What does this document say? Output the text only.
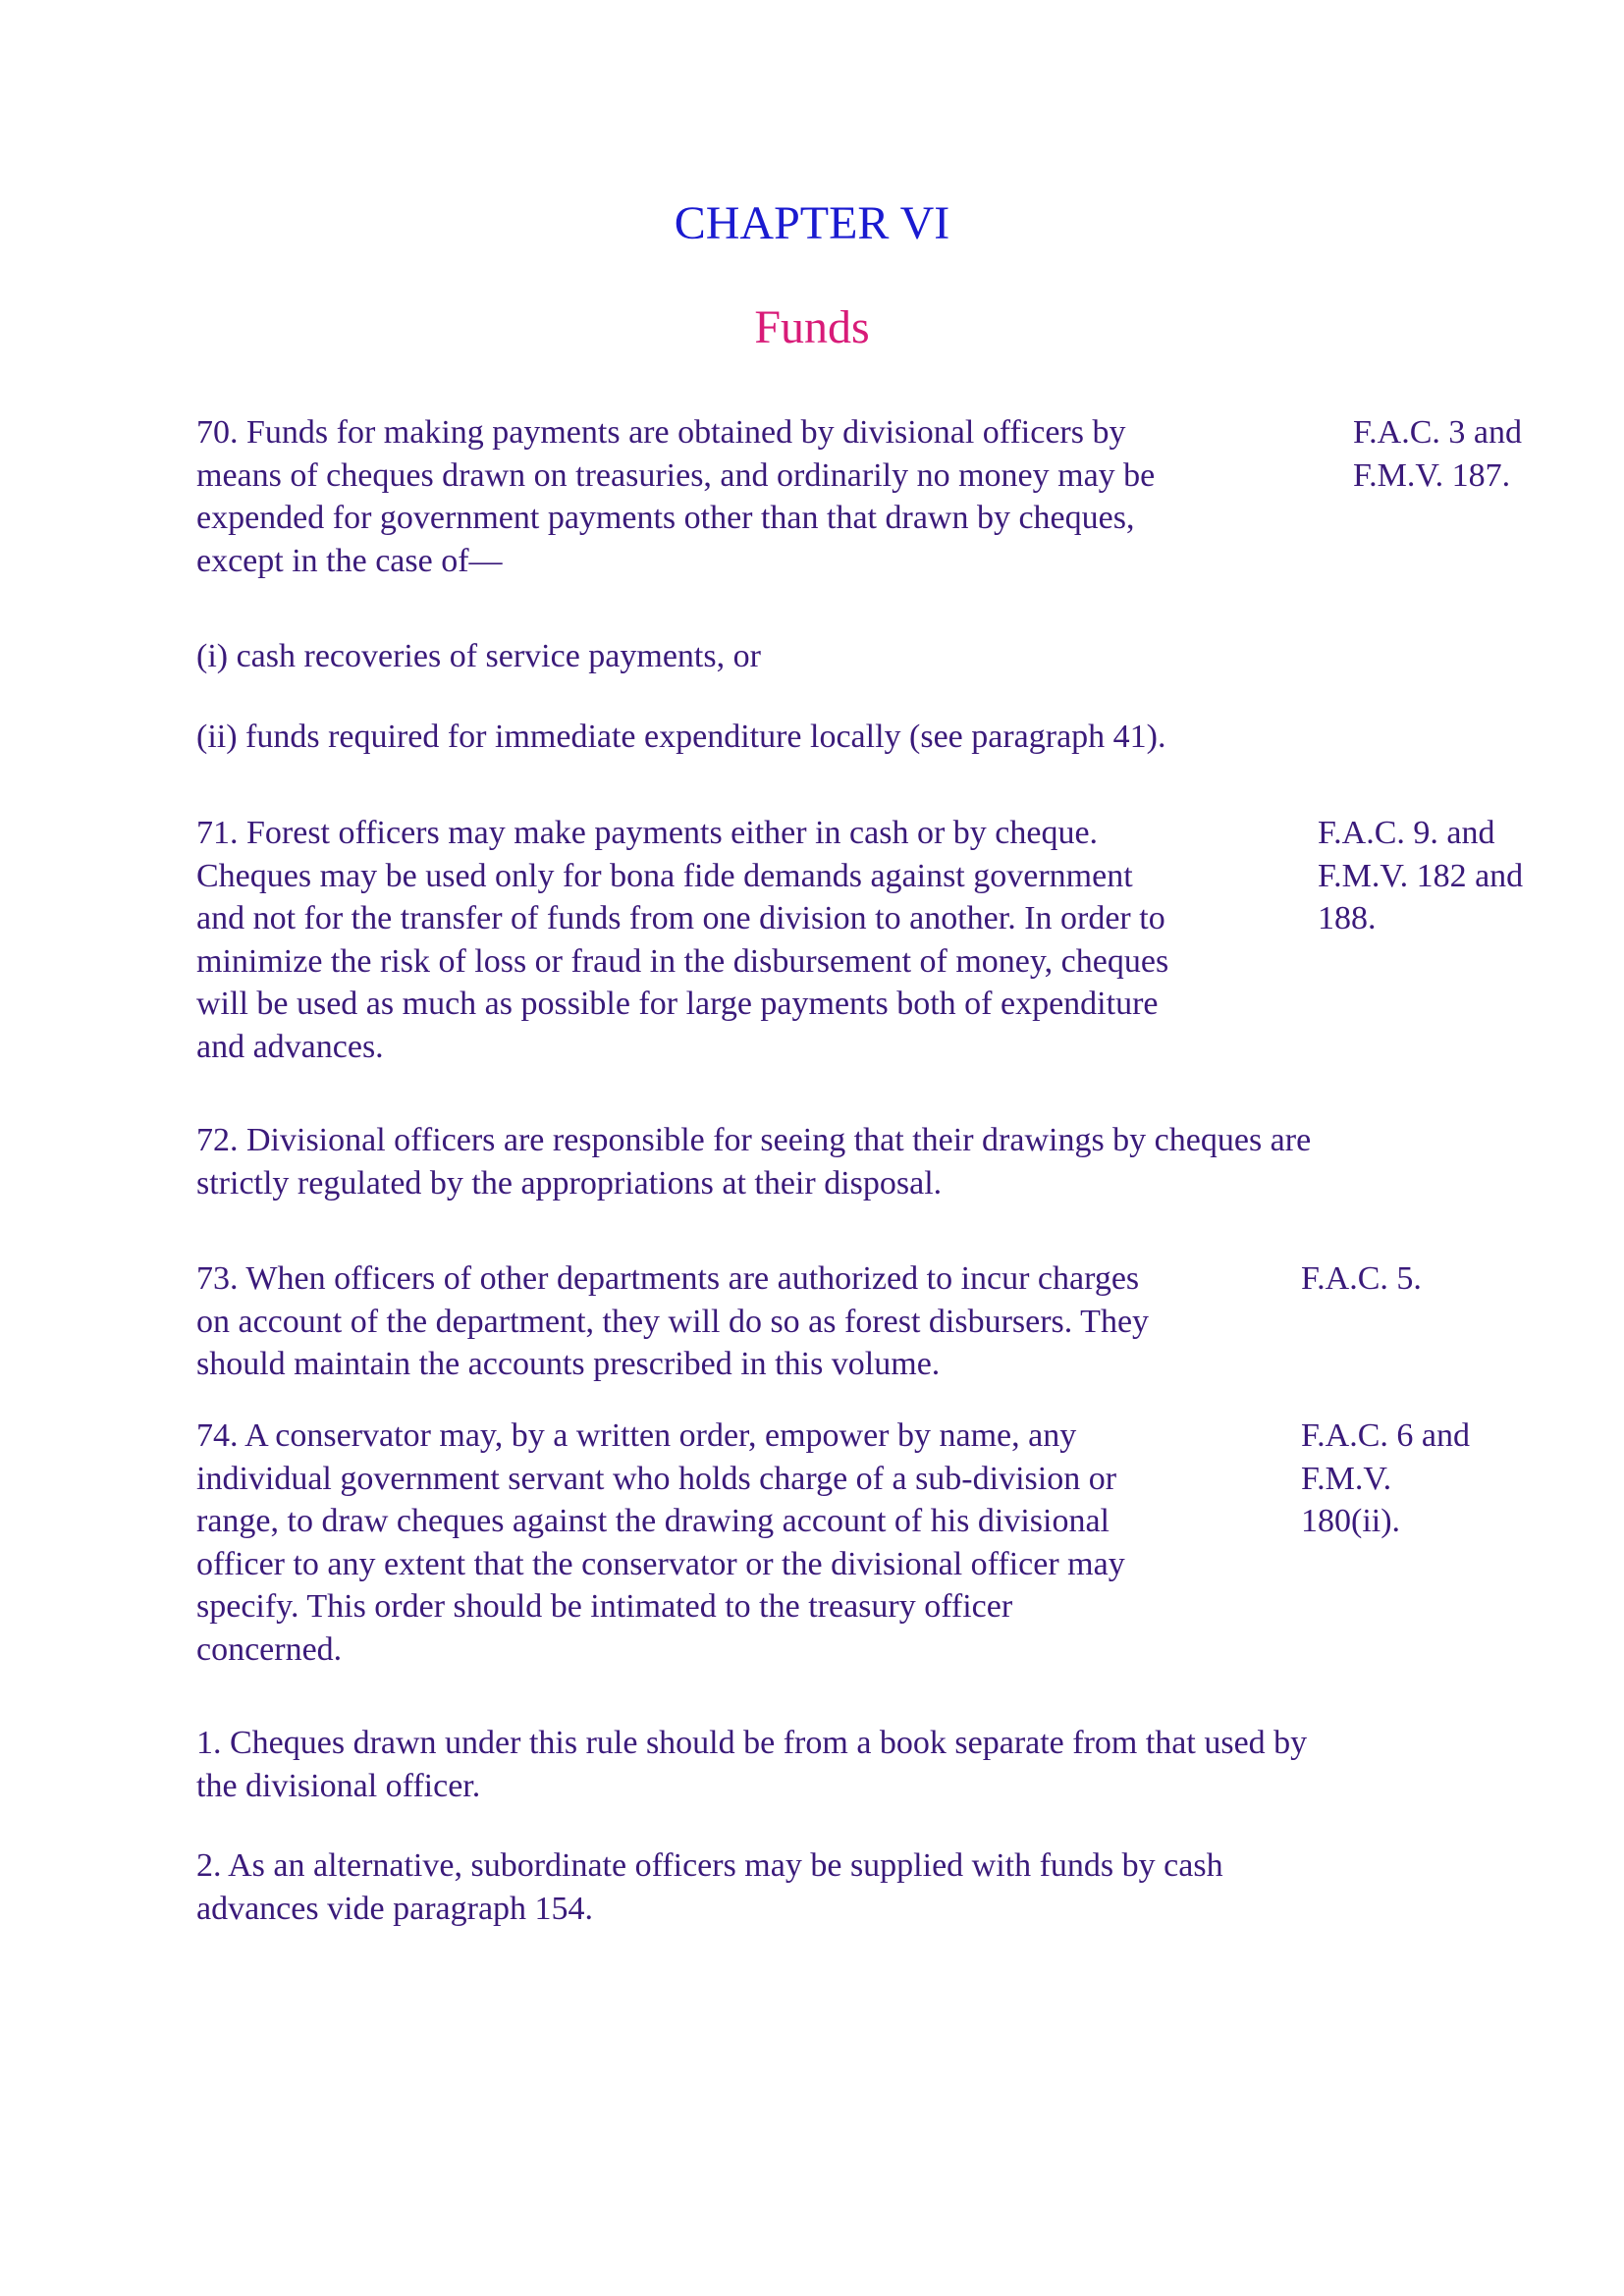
CHAPTER VI
Funds

70. Funds for making payments are obtained by divisional officers by
means of cheques drawn on treasuries, and ordinarily no money may be
expended for government payments other than that drawn by cheques,
except in the case of—

F.A.C. 3 and
F.M.V. 187.

(i) cash recoveries of service payments, or

(ii) funds required for immediate expenditure locally (see paragraph 41).

71. Forest officers may make payments either in cash or by cheque.
Cheques may be used only for bona fide demands against government
and not for the transfer of funds from one division to another. In order to
minimize the risk of loss or fraud in the disbursement of money, cheques
will be used as much as possible for large payments both of expenditure
and advances.

F.A.C. 9. and
F.M.V. 182 and
188.

72. Divisional officers are responsible for seeing that their drawings by cheques are
strictly regulated by the appropriations at their disposal.

73. When officers of other departments are authorized to incur charges
on account of the department, they will do so as forest disbursers. They
should maintain the accounts prescribed in this volume.

F.A.C. 5.

74. A conservator may, by a written order, empower by name, any
individual government servant who holds charge of a sub-division or
range, to draw cheques against the drawing account of his divisional
officer to any extent that the conservator or the divisional officer may
specify. This order should be intimated to the treasury officer
concerned.

F.A.C. 6 and
F.M.V.
180(ii).

1. Cheques drawn under this rule should be from a book separate from that used by
the divisional officer.

2. As an alternative, subordinate officers may be supplied with funds by cash
advances vide paragraph 154.
